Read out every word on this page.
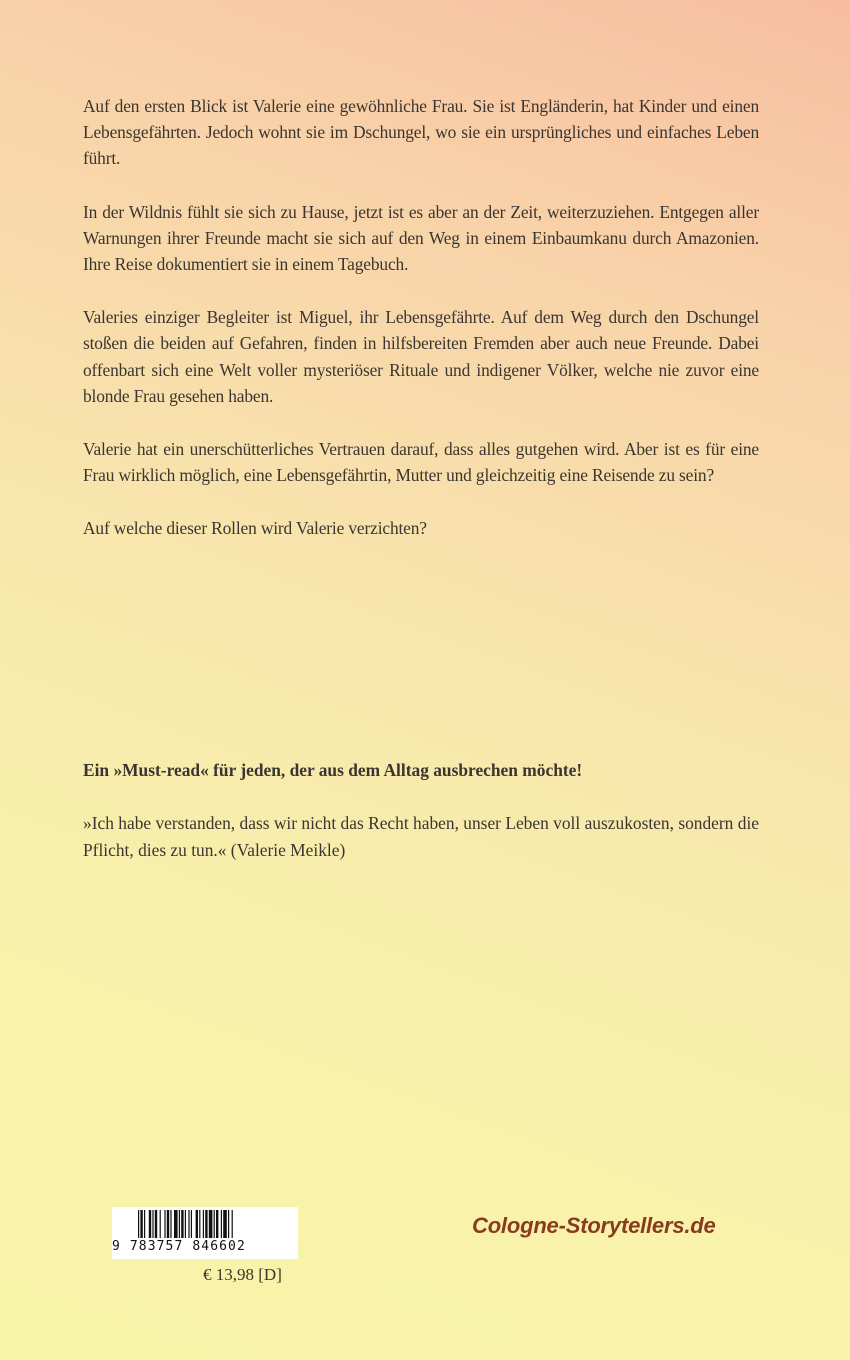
Auf den ersten Blick ist Valerie eine gewöhnliche Frau. Sie ist Engländerin, hat Kinder und einen Lebensgefährten. Jedoch wohnt sie im Dschungel, wo sie ein ursprüngliches und einfaches Leben führt.

In der Wildnis fühlt sie sich zu Hause, jetzt ist es aber an der Zeit, weiterzuziehen. Entgegen aller Warnungen ihrer Freunde macht sie sich auf den Weg in einem Einbaumkanu durch Amazonien. Ihre Reise dokumentiert sie in einem Tagebuch.

Valeries einziger Begleiter ist Miguel, ihr Lebensgefährte. Auf dem Weg durch den Dschungel stoßen die beiden auf Gefahren, finden in hilfsbereiten Fremden aber auch neue Freunde. Dabei offenbart sich eine Welt voller mysteriöser Rituale und indigener Völker, welche nie zuvor eine blonde Frau gesehen haben.

Valerie hat ein unerschütterliches Vertrauen darauf, dass alles gutgehen wird. Aber ist es für eine Frau wirklich möglich, eine Lebensgefährtin, Mutter und gleichzeitig eine Reisende zu sein?

Auf welche dieser Rollen wird Valerie verzichten?

Ein »Must-read« für jeden, der aus dem Alltag ausbrechen möchte!

»Ich habe verstanden, dass wir nicht das Recht haben, unser Leben voll auszukosten, sondern die Pflicht, dies zu tun.« (Valerie Meikle)

9 783757 846602
€ 13,98 [D]
Cologne-Storytellers.de
